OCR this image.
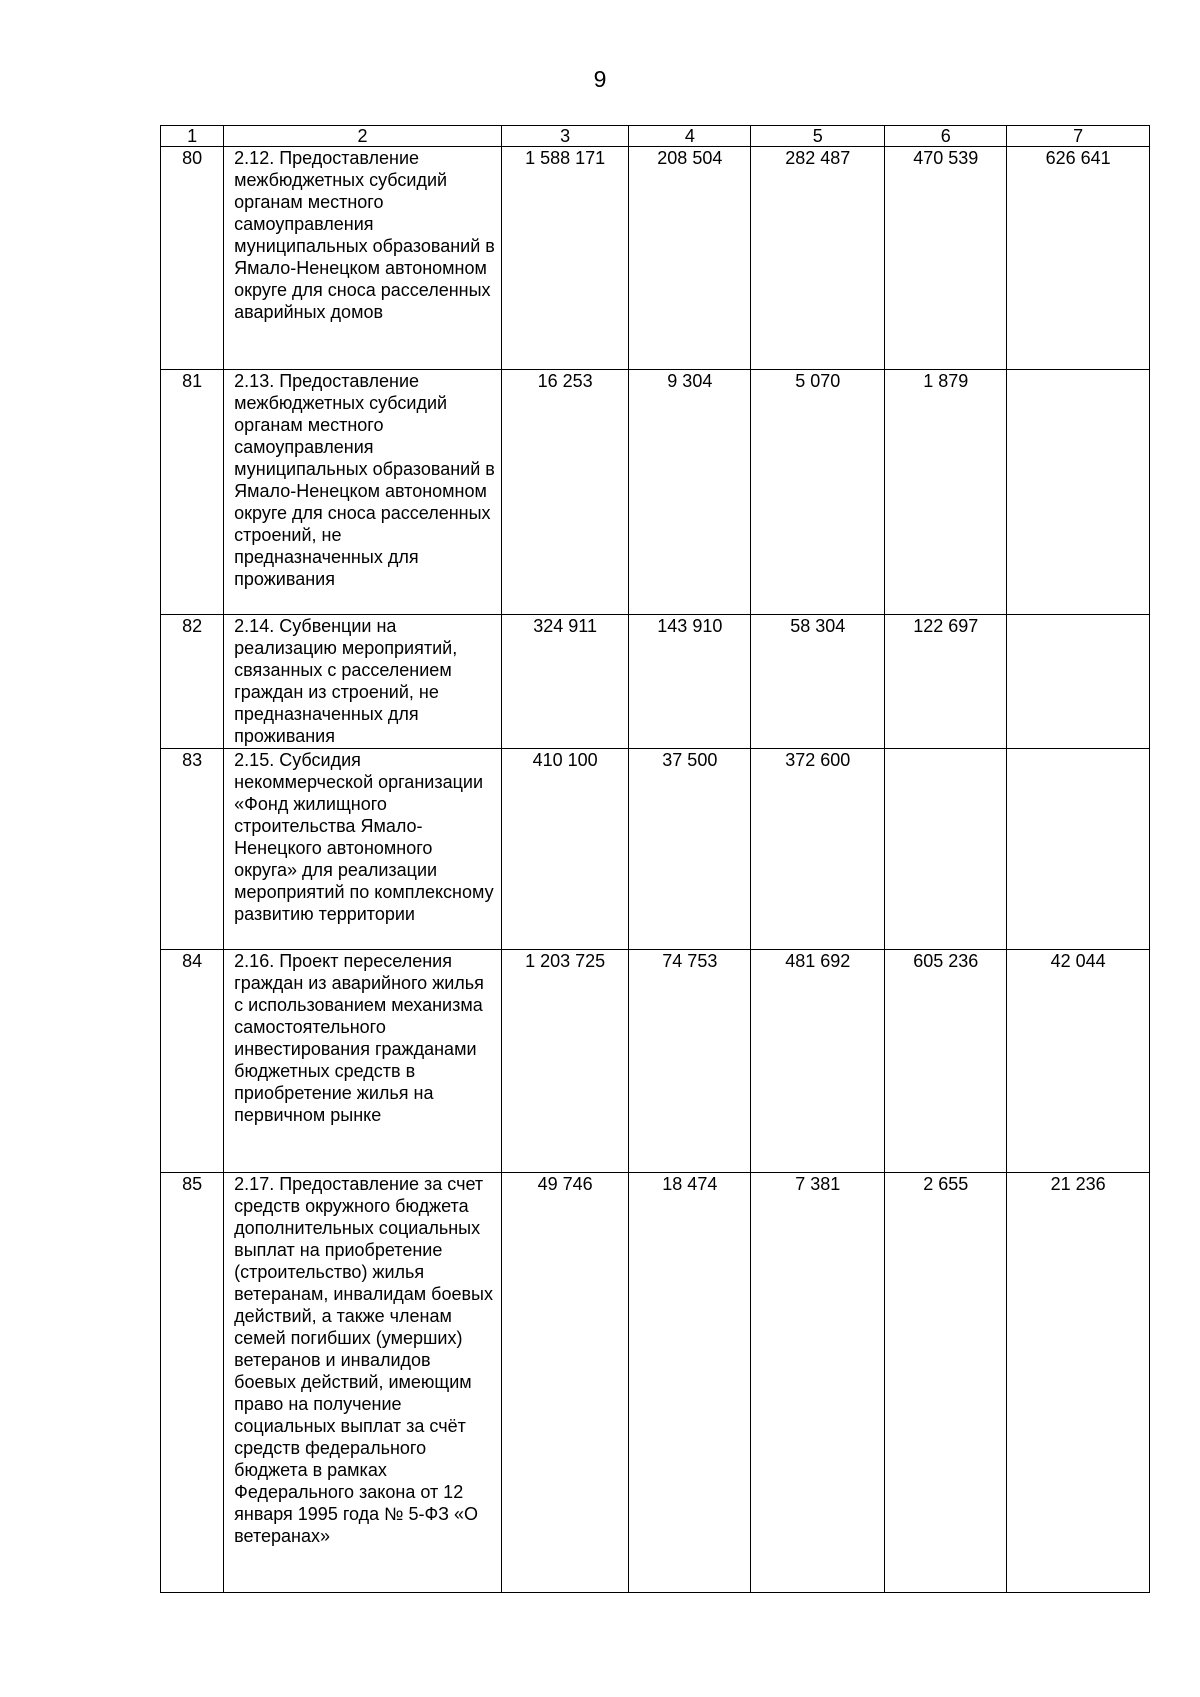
9
1	2	3	4	5	6	7
80	2.12. Предоставление межбюджетных субсидий органам местного самоуправления муниципальных образований в Ямало-Ненецком автономном округе для сноса расселенных аварийных домов	1 588 171	208 504	282 487	470 539	626 641
81	2.13. Предоставление межбюджетных субсидий органам местного самоуправления муниципальных образований в Ямало-Ненецком автономном округе для сноса расселенных строений, не предназначенных для проживания	16 253	9 304	5 070	1 879	
82	2.14. Субвенции на реализацию мероприятий, связанных с расселением граждан из строений, не предназначенных для проживания	324 911	143 910	58 304	122 697	
83	2.15. Субсидия некоммерческой организации «Фонд жилищного строительства Ямало-Ненецкого автономного округа» для реализации мероприятий по комплексному развитию территории	410 100	37 500	372 600		
84	2.16. Проект переселения граждан из аварийного жилья с использованием механизма самостоятельного инвестирования гражданами бюджетных средств в приобретение жилья на первичном рынке	1 203 725	74 753	481 692	605 236	42 044
85	2.17. Предоставление за счет средств окружного бюджета дополнительных социальных выплат на приобретение (строительство) жилья ветеранам, инвалидам боевых действий, а также членам семей погибших (умерших) ветеранов и инвалидов боевых действий, имеющим право на получение социальных выплат за счёт средств федерального бюджета в рамках Федерального закона от 12 января 1995 года № 5-ФЗ «О ветеранах»	49 746	18 474	7 381	2 655	21 236
